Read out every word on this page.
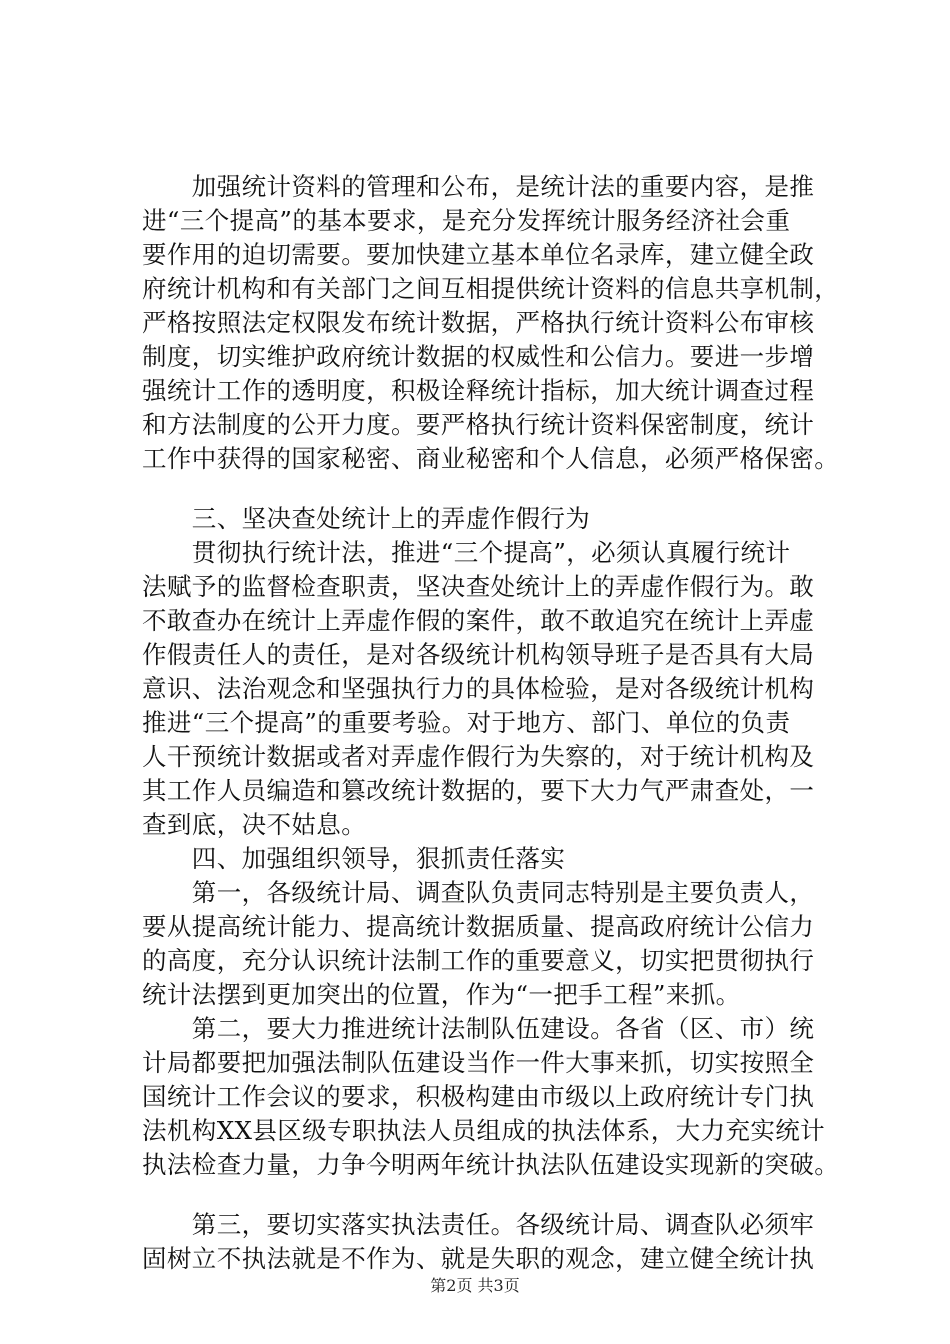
　　加强统计资料的管理和公布，是统计法的重要内容，是推
进“三个提高”的基本要求，是充分发挥统计服务经济社会重
要作用的迫切需要。要加快建立基本单位名录库，建立健全政
府统计机构和有关部门之间互相提供统计资料的信息共享机制，
严格按照法定权限发布统计数据，严格执行统计资料公布审核
制度，切实维护政府统计数据的权威性和公信力。要进一步增
强统计工作的透明度，积极诠释统计指标，加大统计调查过程
和方法制度的公开力度。要严格执行统计资料保密制度，统计
工作中获得的国家秘密、商业秘密和个人信息，必须严格保密。
　　三、坚决查处统计上的弄虚作假行为
　　贯彻执行统计法，推进“三个提高”，必须认真履行统计
法赋予的监督检查职责，坚决查处统计上的弄虚作假行为。敢
不敢查办在统计上弄虚作假的案件，敢不敢追究在统计上弄虚
作假责任人的责任，是对各级统计机构领导班子是否具有大局
意识、法治观念和坚强执行力的具体检验，是对各级统计机构
推进“三个提高”的重要考验。对于地方、部门、单位的负责
人干预统计数据或者对弄虚作假行为失察的，对于统计机构及
其工作人员编造和篡改统计数据的，要下大力气严肃查处，一
查到底，决不姑息。
　　四、加强组织领导，狠抓责任落实
　　第一，各级统计局、调查队负责同志特别是主要负责人，
要从提高统计能力、提高统计数据质量、提高政府统计公信力
的高度，充分认识统计法制工作的重要意义，切实把贯彻执行
统计法摆到更加突出的位置，作为“一把手工程”来抓。
　　第二，要大力推进统计法制队伍建设。各省（区、市）统
计局都要把加强法制队伍建设当作一件大事来抓，切实按照全
国统计工作会议的要求，积极构建由市级以上政府统计专门执
法机构XX县区级专职执法人员组成的执法体系，大力充实统计
执法检查力量，力争今明两年统计执法队伍建设实现新的突破。
　　第三，要切实落实执法责任。各级统计局、调查队必须牢
固树立不执法就是不作为、就是失职的观念，建立健全统计执
第2页 共3页
